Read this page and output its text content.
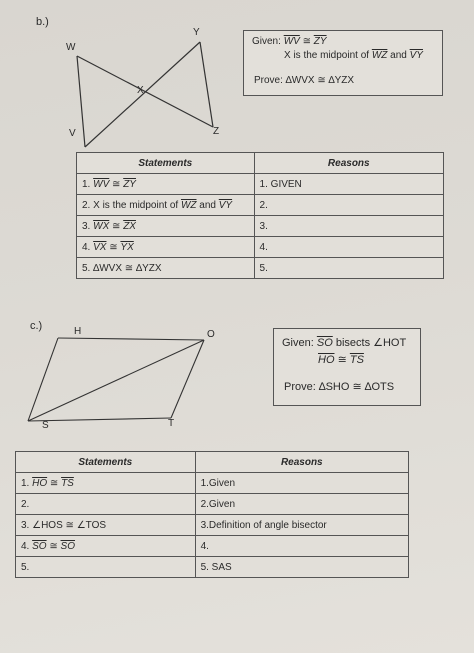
b.)
W
Y
X
V	Z
Given: $\overline{WV}$ ≅ $\overline{ZY}$
X is the midpoint of $\overline{WZ}$ and $\overline{VY}$
Prove: ∆WVX ≅ ∆YZX
Statements	Reasons
1. $\overline{WV}$ ≅ $\overline{ZY}$	1. GIVEN
2. X is the midpoint of $\overline{WZ}$ and $\overline{VY}$	2.
3. $\overline{WX}$ ≅ $\overline{ZX}$	3.
4. $\overline{VX}$ ≅ $\overline{YX}$	4.
5. ∆WVX ≅ ∆YZX	5.
c.)	H	O
S	T
Given: $\overline{SO}$ bisects ∠HOT
$\overline{HO}$ ≅ $\overline{TS}$
Prove: ∆SHO ≅ ∆OTS
Statements	Reasons
1. $\overline{HO}$ ≅ $\overline{TS}$	1.Given
2.	2.Given
3. ∠HOS ≅ ∠TOS	3.Definition of angle bisector
4. $\overline{SO}$ ≅ $\overline{SO}$	4.
5.	5. SAS
